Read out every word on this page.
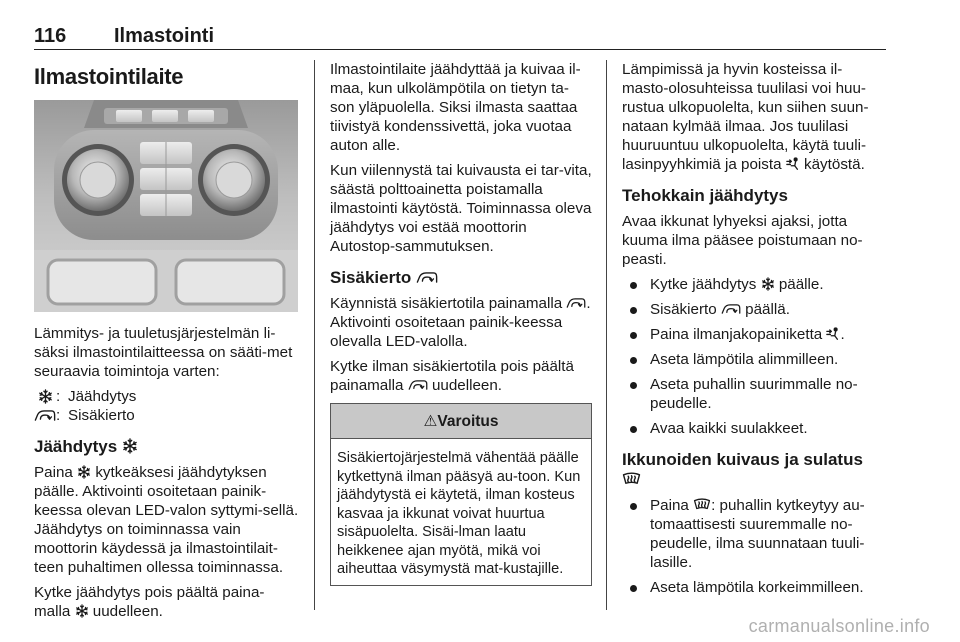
116 Ilmastointi
Ilmastointilaite

Lämmitys- ja tuuletusjärjestelmän li-säksi ilmastointilaitteessa on sääti-met seuraavia toimintoja varten:

: Jäähdytys
: Sisäkierto
Jäähdytys

Paina kytkeäksesi jäähdytyksen päälle. Aktivointi osoitetaan painik-keessa olevan LED-valon syttymi-sellä. Jäähdytys on toiminnassa vain moottorin käydessä ja ilmastointilait-teen puhaltimen ollessa toiminnassa.

Kytke jäähdytys pois päältä paina-malla uudelleen.

Ilmastointilaite jäähdyttää ja kuivaa il-maa, kun ulkolämpötila on tietyn ta-son yläpuolella. Siksi ilmasta saattaa tiivistyä kondenssivettä, joka vuotaa auton alle.

Kun viilennystä tai kuivausta ei tar-vita, säästä polttoainetta poistamalla ilmastointi käytöstä. Toiminnassa oleva jäähdytys voi estää moottorin Autostop-sammutuksen.

Sisäkierto

Käynnistä sisäkiertotila painamalla . Aktivointi osoitetaan painik-keessa olevalla LED-valolla.

Kytke ilman sisäkiertotila pois päältä painamalla uudelleen.

⚠ Varoitus
Sisäkiertojärjestelmä vähentää päälle kytkettynä ilman pääsyä au-toon. Kun jäähdytystä ei käytetä, ilman kosteus kasvaa ja ikkunat voivat huurtua sisäpuolelta. Sisäi-lman laatu heikkenee ajan myötä, mikä voi aiheuttaa väsymystä mat-kustajille.

Lämpimissä ja hyvin kosteissa il-masto-olosuhteissa tuulilasi voi huu-rustua ulkopuolelta, kun siihen suun-nataan kylmää ilmaa. Jos tuulilasi huuruuntuu ulkopuolelta, käytä tuuli-lasinpyyhkimiä ja poista käytöstä.

Tehokkain jäähdytys

Avaa ikkunat lyhyeksi ajaksi, jotta kuuma ilma pääsee poistumaan no-peasti.

Kytke jäähdytys päälle.
Sisäkierto päällä.
Paina ilmanjakopainiketta .
Aseta lämpötila alimmilleen.
Aseta puhallin suurimmalle no-peudelle.
Avaa kaikki suulakkeet.
Ikkunoiden kuivaus ja sulatus
Paina : puhallin kytkeytyy au-tomaattisesti suuremmalle no-peudelle, ilma suunnataan tuuli-lasille.
Aseta lämpötila korkeimmilleen.
carmanualsonline.info
